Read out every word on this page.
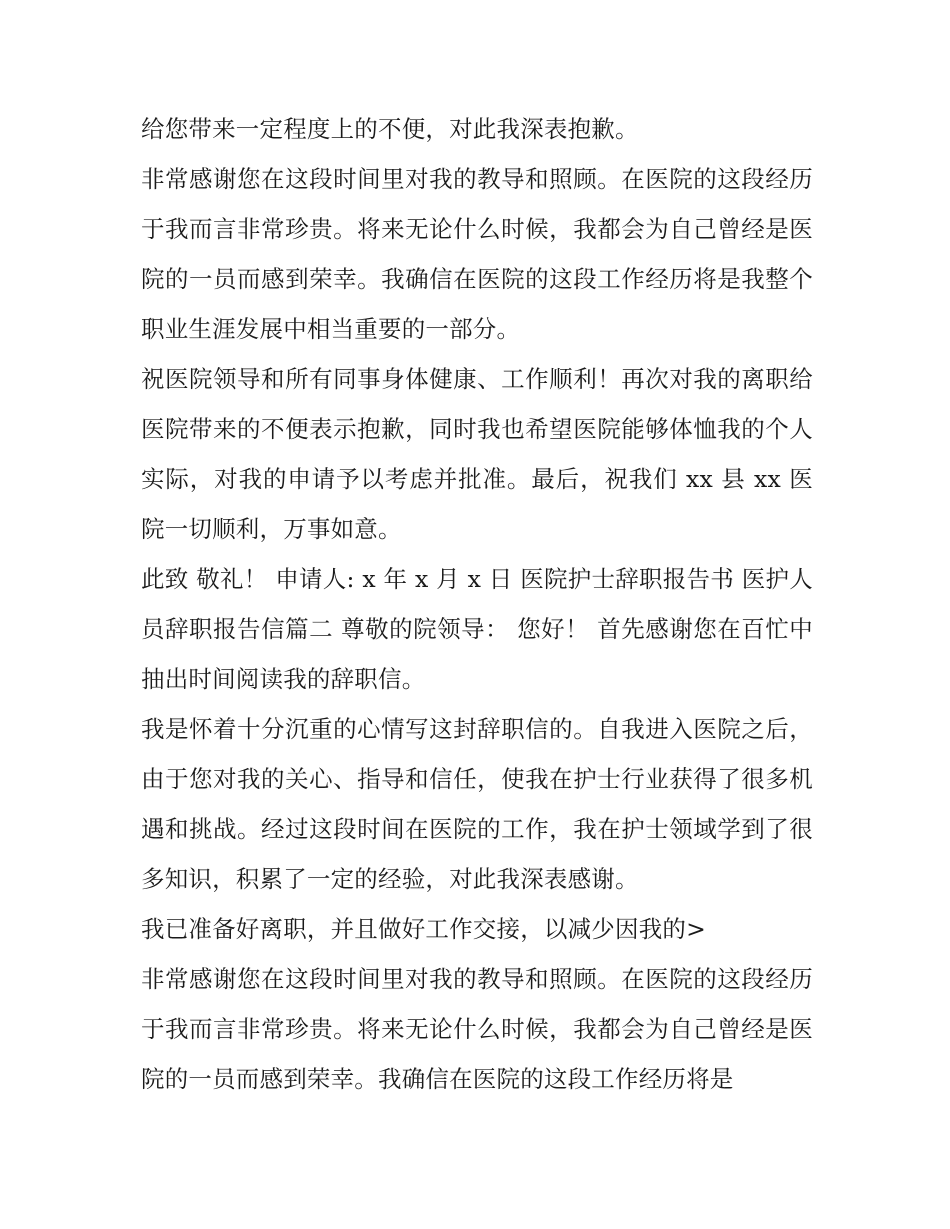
给您带来一定程度上的不便，对此我深表抱歉。

非常感谢您在这段时间里对我的教导和照顾。在医院的这段经历于我而言非常珍贵。将来无论什么时候，我都会为自己曾经是医院的一员而感到荣幸。我确信在医院的这段工作经历将是我整个职业生涯发展中相当重要的一部分。

祝医院领导和所有同事身体健康、工作顺利！再次对我的离职给医院带来的不便表示抱歉，同时我也希望医院能够体恤我的个人实际，对我的申请予以考虑并批准。最后，祝我们 xx 县 xx 医院一切顺利，万事如意。

此致 敬礼！ 申请人: x 年 x 月 x 日 医院护士辞职报告书 医护人员辞职报告信篇二 尊敬的院领导： 您好！ 首先感谢您在百忙中抽出时间阅读我的辞职信。

我是怀着十分沉重的心情写这封辞职信的。自我进入医院之后，由于您对我的关心、指导和信任，使我在护士行业获得了很多机遇和挑战。经过这段时间在医院的工作，我在护士领域学到了很多知识，积累了一定的经验，对此我深表感谢。

我已准备好离职，并且做好工作交接，以减少因我的>

非常感谢您在这段时间里对我的教导和照顾。在医院的这段经历于我而言非常珍贵。将来无论什么时候，我都会为自己曾经是医院的一员而感到荣幸。我确信在医院的这段工作经历将是
